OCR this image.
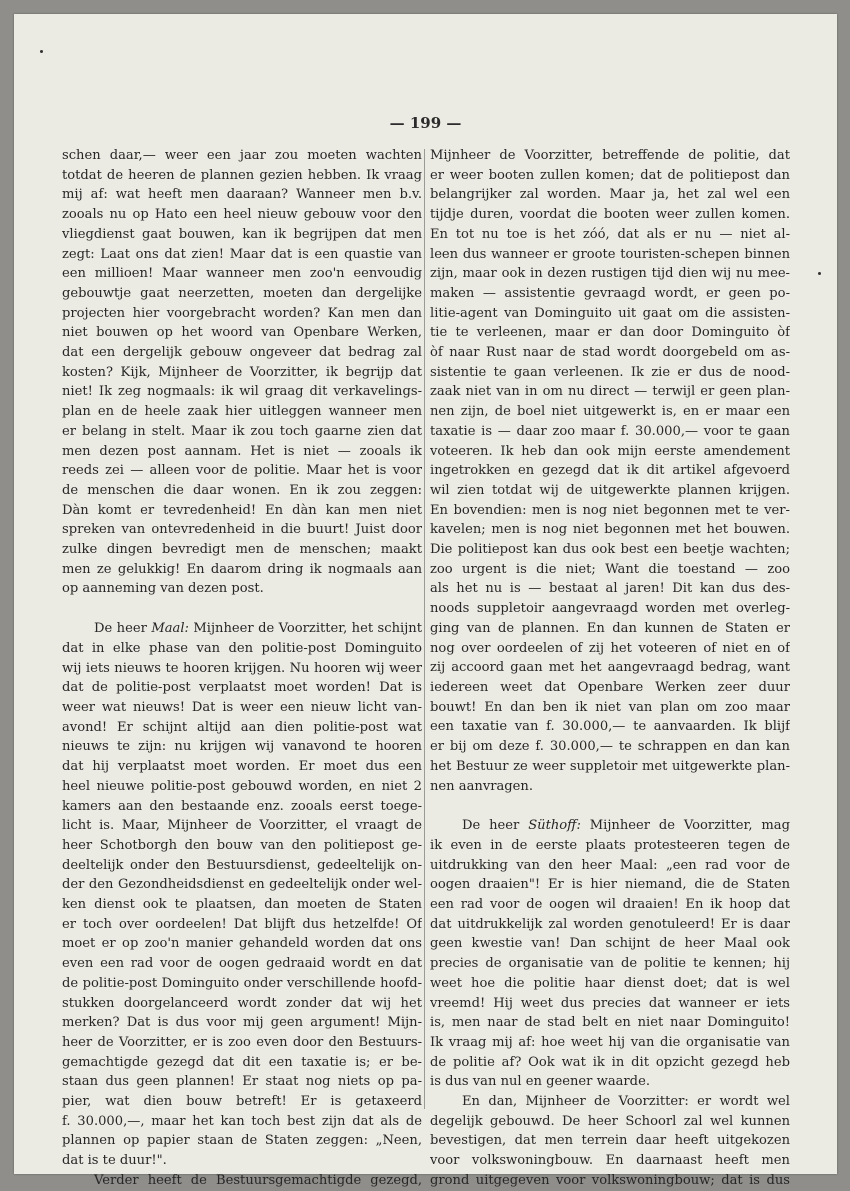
— 199 —
schen daar,— weer een jaar zou moeten wachten
totdat de heeren de plannen gezien hebben. Ik vraag
mij af: wat heeft men daaraan? Wanneer men b.v.
zooals nu op Hato een heel nieuw gebouw voor den
vliegdienst gaat bouwen, kan ik begrijpen dat men
zegt: Laat ons dat zien! Maar dat is een quastie van
een millioen! Maar wanneer men zoo'n eenvoudig
gebouwtje gaat neerzetten, moeten dan dergelijke
projecten hier voorgebracht worden? Kan men dan
niet bouwen op het woord van Openbare Werken,
dat een dergelijk gebouw ongeveer dat bedrag zal
kosten? Kijk, Mijnheer de Voorzitter, ik begrijp dat
niet! Ik zeg nogmaals: ik wil graag dit verkavelings-
plan en de heele zaak hier uitleggen wanneer men
er belang in stelt. Maar ik zou toch gaarne zien dat
men dezen post aannam. Het is niet — zooals ik
reeds zei — alleen voor de politie. Maar het is voor
de menschen die daar wonen. En ik zou zeggen:
Dàn komt er tevredenheid! En dàn kan men niet
spreken van ontevredenheid in die buurt! Juist door
zulke dingen bevredigt men de menschen; maakt
men ze gelukkig! En daarom dring ik nogmaals aan
op aanneming van dezen post.
De heer Maal: Mijnheer de Voorzitter, het schijnt
dat in elke phase van den politie-post Dominguito
wij iets nieuws te hooren krijgen. Nu hooren wij weer
dat de politie-post verplaatst moet worden! Dat is
weer wat nieuws! Dat is weer een nieuw licht van-
avond! Er schijnt altijd aan dien politie-post wat
nieuws te zijn: nu krijgen wij vanavond te hooren
dat hij verplaatst moet worden. Er moet dus een
heel nieuwe politie-post gebouwd worden, en niet 2
kamers aan den bestaande enz. zooals eerst toege-
licht is. Maar, Mijnheer de Voorzitter, el vraagt de
heer Schotborgh den bouw van den politiepost ge-
deeltelijk onder den Bestuursdienst, gedeeltelijk on-
der den Gezondheidsdienst en gedeeltelijk onder wel-
ken dienst ook te plaatsen, dan moeten de Staten
er toch over oordeelen! Dat blijft dus hetzelfde! Of
moet er op zoo'n manier gehandeld worden dat ons
even een rad voor de oogen gedraaid wordt en dat
de politie-post Dominguito onder verschillende hoofd-
stukken doorgelanceerd wordt zonder dat wij het
merken? Dat is dus voor mij geen argument! Mijn-
heer de Voorzitter, er is zoo even door den Bestuurs-
gemachtigde gezegd dat dit een taxatie is; er be-
staan dus geen plannen! Er staat nog niets op pa-
pier, wat dien bouw betreft! Er is getaxeerd
f. 30.000,—, maar het kan toch best zijn dat als de
plannen op papier staan de Staten zeggen: „Neen,
dat is te duur!".
Verder heeft de Bestuursgemachtigde gezegd,
Mijnheer de Voorzitter, betreffende de politie, dat
er weer booten zullen komen; dat de politiepost dan
belangrijker zal worden. Maar ja, het zal wel een
tijdje duren, voordat die booten weer zullen komen.
En tot nu toe is het zóó, dat als er nu — niet al-
leen dus wanneer er groote touristen-schepen binnen
zijn, maar ook in dezen rustigen tijd dien wij nu mee-
maken — assistentie gevraagd wordt, er geen po-
litie-agent van Dominguito uit gaat om die assisten-
tie te verleenen, maar er dan door Dominguito òf
òf naar Rust naar de stad wordt doorgebeld om as-
sistentie te gaan verleenen. Ik zie er dus de nood-
zaak niet van in om nu direct — terwijl er geen plan-
nen zijn, de boel niet uitgewerkt is, en er maar een
taxatie is — daar zoo maar f. 30.000,— voor te gaan
voteeren. Ik heb dan ook mijn eerste amendement
ingetrokken en gezegd dat ik dit artikel afgevoerd
wil zien totdat wij de uitgewerkte plannen krijgen.
En bovendien: men is nog niet begonnen met te ver-
kavelen; men is nog niet begonnen met het bouwen.
Die politiepost kan dus ook best een beetje wachten;
zoo urgent is die niet; Want die toestand — zoo
als het nu is — bestaat al jaren! Dit kan dus des-
noods suppletoir aangevraagd worden met overleg-
ging van de plannen. En dan kunnen de Staten er
nog over oordeelen of zij het voteeren of niet en of
zij accoord gaan met het aangevraagd bedrag, want
iedereen weet dat Openbare Werken zeer duur
bouwt! En dan ben ik niet van plan om zoo maar
een taxatie van f. 30.000,— te aanvaarden. Ik blijf
er bij om deze f. 30.000,— te schrappen en dan kan
het Bestuur ze weer suppletoir met uitgewerkte plan-
nen aanvragen.
De heer Süthoff: Mijnheer de Voorzitter, mag
ik even in de eerste plaats protesteeren tegen de
uitdrukking van den heer Maal: „een rad voor de
oogen draaien"! Er is hier niemand, die de Staten
een rad voor de oogen wil draaien! En ik hoop dat
dat uitdrukkelijk zal worden genotuleerd! Er is daar
geen kwestie van! Dan schijnt de heer Maal ook
precies de organisatie van de politie te kennen; hij
weet hoe die politie haar dienst doet; dat is wel
vreemd! Hij weet dus precies dat wanneer er iets
is, men naar de stad belt en niet naar Dominguito!
Ik vraag mij af: hoe weet hij van die organisatie van
de politie af? Ook wat ik in dit opzicht gezegd heb
is dus van nul en geener waarde.
En dan, Mijnheer de Voorzitter: er wordt wel
degelijk gebouwd. De heer Schoorl zal wel kunnen
bevestigen, dat men terrein daar heeft uitgekozen
voor volkswoningbouw. En daarnaast heeft men
grond uitgegeven voor volkswoningbouw; dat is dus
